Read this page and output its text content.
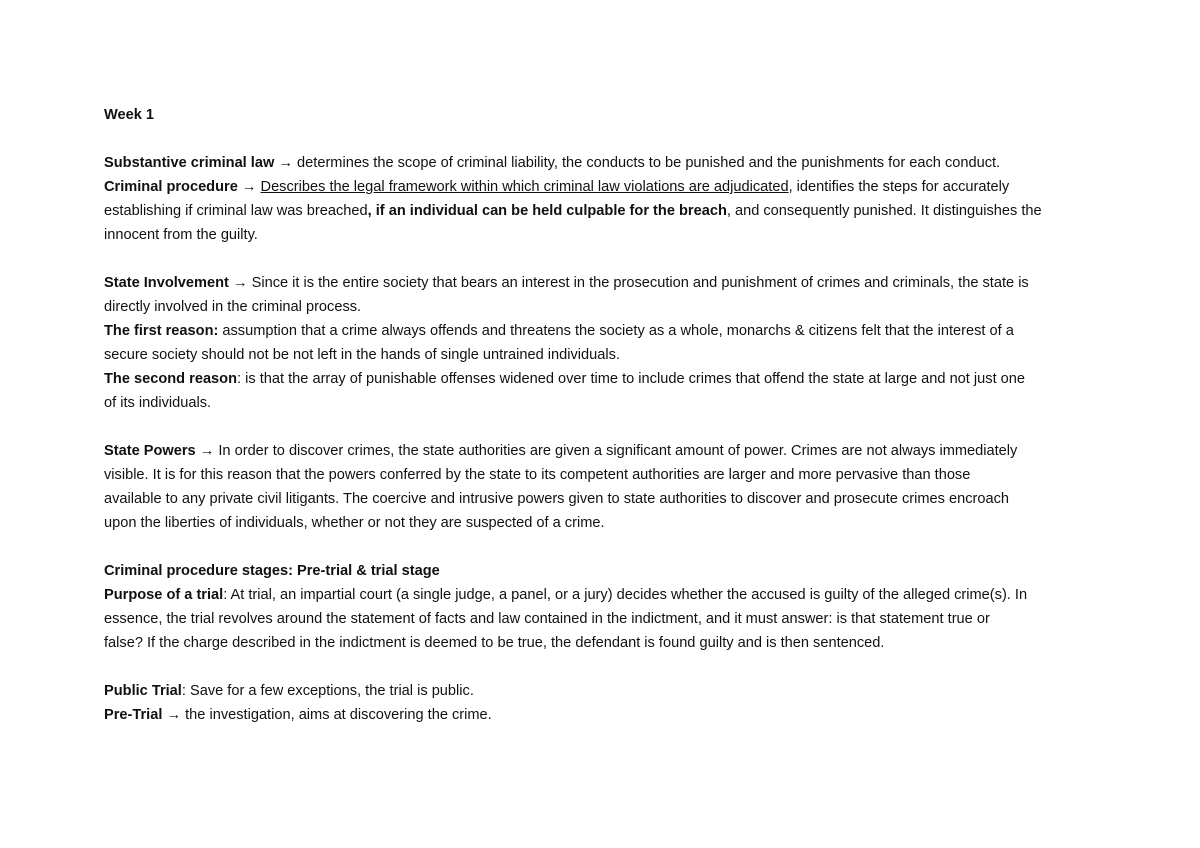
Week 1
Substantive criminal law → determines the scope of criminal liability, the conducts to be punished and the punishments for each conduct.
Criminal procedure → Describes the legal framework within which criminal law violations are adjudicated, identifies the steps for accurately
establishing if criminal law was breached, if an individual can be held culpable for the breach, and consequently punished. It distinguishes the
innocent from the guilty.
State Involvement → Since it is the entire society that bears an interest in the prosecution and punishment of crimes and criminals, the state is
directly involved in the criminal process.
The first reason: assumption that a crime always offends and threatens the society as a whole, monarchs & citizens felt that the interest of a
secure society should not be not left in the hands of single untrained individuals.
The second reason: is that the array of punishable offenses widened over time to include crimes that offend the state at large and not just one
of its individuals.
State Powers → In order to discover crimes, the state authorities are given a significant amount of power. Crimes are not always immediately
visible. It is for this reason that the powers conferred by the state to its competent authorities are larger and more pervasive than those
available to any private civil litigants. The coercive and intrusive powers given to state authorities to discover and prosecute crimes encroach
upon the liberties of individuals, whether or not they are suspected of a crime.
Criminal procedure stages: Pre-trial & trial stage
Purpose of a trial: At trial, an impartial court (a single judge, a panel, or a jury) decides whether the accused is guilty of the alleged crime(s). In
essence, the trial revolves around the statement of facts and law contained in the indictment, and it must answer: is that statement true or
false? If the charge described in the indictment is deemed to be true, the defendant is found guilty and is then sentenced.
Public Trial: Save for a few exceptions, the trial is public.
Pre-Trial → the investigation, aims at discovering the crime.
